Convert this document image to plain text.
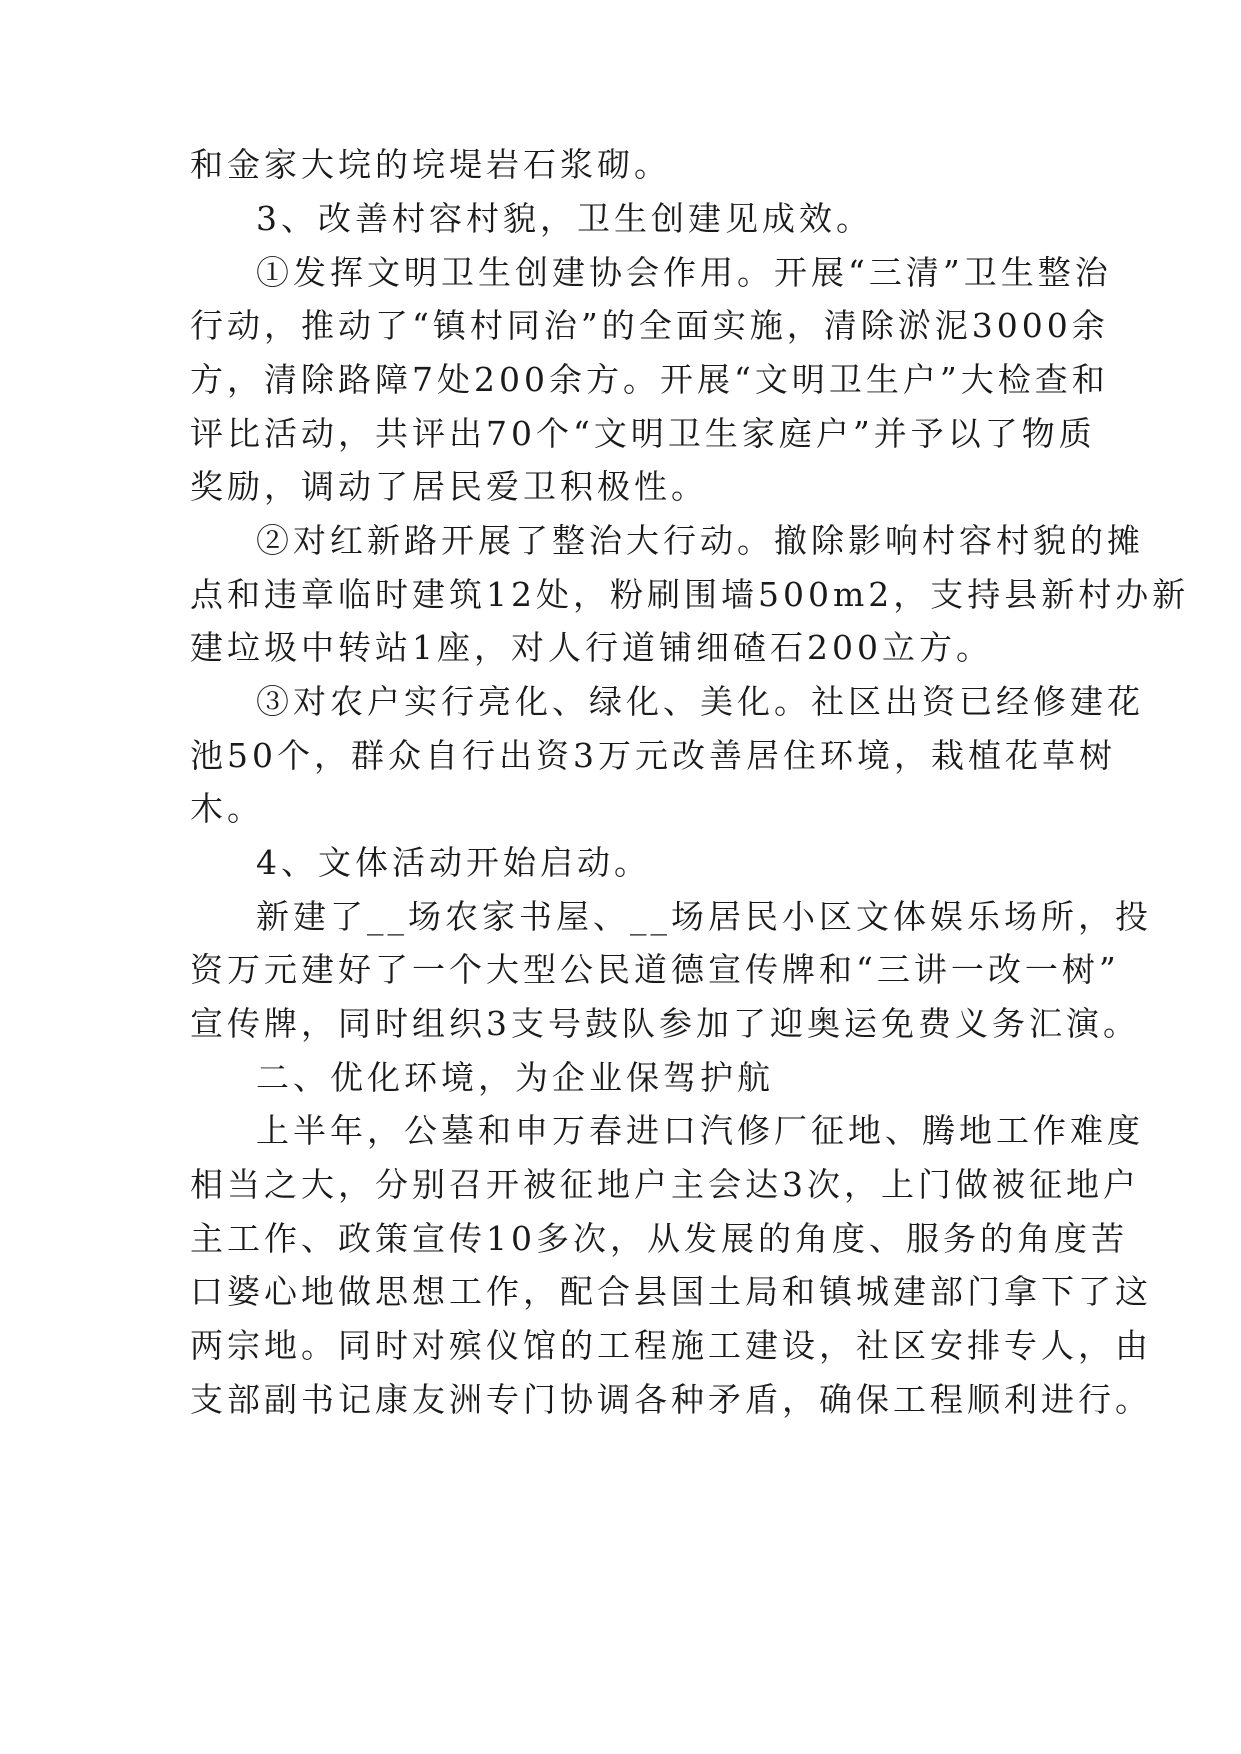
和金家大垸的垸堤岩石浆砌。
3、改善村容村貌，卫生创建见成效。
①发挥文明卫生创建协会作用。开展“三清”卫生整治
行动，推动了“镇村同治”的全面实施，清除淤泥3000余
方，清除路障7处200余方。开展“文明卫生户”大检查和
评比活动，共评出70个“文明卫生家庭户”并予以了物质
奖励，调动了居民爱卫积极性。
②对红新路开展了整治大行动。撤除影响村容村貌的摊
点和违章临时建筑12处，粉刷围墙500m2，支持县新村办新
建垃圾中转站1座，对人行道铺细碴石200立方。
③对农户实行亮化、绿化、美化。社区出资已经修建花
池50个，群众自行出资3万元改善居住环境，栽植花草树
木。
4、文体活动开始启动。
新建了__场农家书屋、__场居民小区文体娱乐场所，投
资万元建好了一个大型公民道德宣传牌和“三讲一改一树”
宣传牌，同时组织3支号鼓队参加了迎奥运免费义务汇演。
二、优化环境，为企业保驾护航
上半年，公墓和申万春进口汽修厂征地、腾地工作难度
相当之大，分别召开被征地户主会达3次，上门做被征地户
主工作、政策宣传10多次，从发展的角度、服务的角度苦
口婆心地做思想工作，配合县国土局和镇城建部门拿下了这
两宗地。同时对殡仪馆的工程施工建设，社区安排专人，由
支部副书记康友洲专门协调各种矛盾，确保工程顺利进行。
